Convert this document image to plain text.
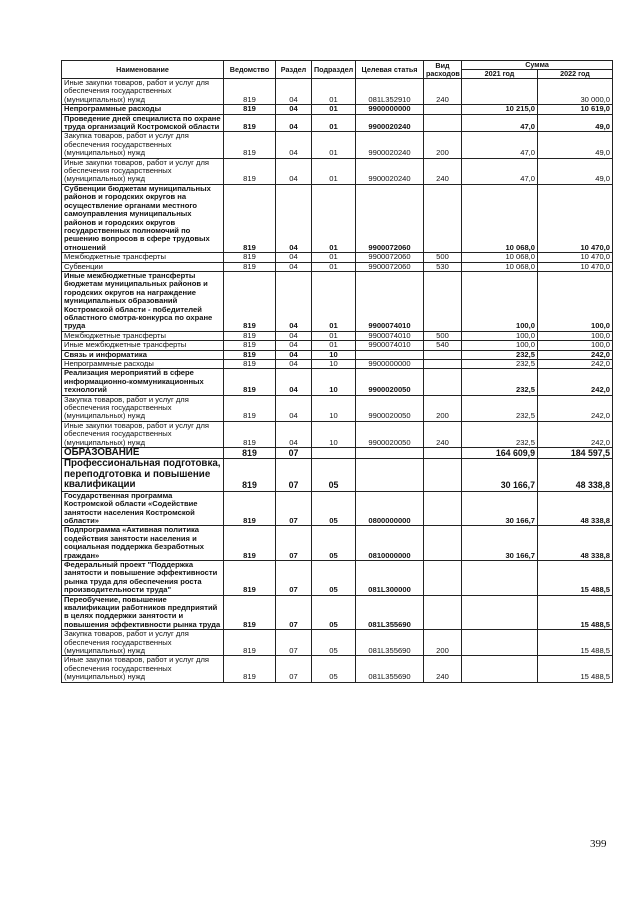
Наименование	Ведомство	Раздел	Подраздел	Целевая статья	Вид расходов	Сумма	
						2021 год	2022 год
Иные закупки товаров, работ и услуг для обеспечения государственных (муниципальных) нужд	819	04	01	081L352910	240		30 000,0
Непрограммные расходы	819	04	01	9900000000		10 215,0	10 619,0
Проведение дней специалиста по охране труда организаций Костромской области	819	04	01	9900020240		47,0	49,0
Закупка товаров, работ и услуг для обеспечения государственных (муниципальных) нужд	819	04	01	9900020240	200	47,0	49,0
Иные закупки товаров, работ и услуг для обеспечения государственных (муниципальных) нужд	819	04	01	9900020240	240	47,0	49,0
Субвенции бюджетам муниципальных районов и городских округов на осуществление органами местного самоуправления муниципальных районов и городских округов государственных полномочий по решению вопросов в сфере трудовых отношений	819	04	01	9900072060		10 068,0	10 470,0
Межбюджетные трансферты	819	04	01	9900072060	500	10 068,0	10 470,0
Субвенции	819	04	01	9900072060	530	10 068,0	10 470,0
Иные межбюджетные трансферты бюджетам муниципальных районов и городских округов на награждение муниципальных образований Костромской области - победителей областного смотра-конкурса по охране труда	819	04	01	9900074010		100,0	100,0
Межбюджетные трансферты	819	04	01	9900074010	500	100,0	100,0
Иные межбюджетные трансферты	819	04	01	9900074010	540	100,0	100,0
Связь и информатика	819	04	10			232,5	242,0
Непрограммные расходы	819	04	10	9900000000		232,5	242,0
Реализация мероприятий в сфере информационно-коммуникационных технологий	819	04	10	9900020050		232,5	242,0
Закупка товаров, работ и услуг для обеспечения государственных (муниципальных) нужд	819	04	10	9900020050	200	232,5	242,0
Иные закупки товаров, работ и услуг для обеспечения государственных (муниципальных) нужд	819	04	10	9900020050	240	232,5	242,0
ОБРАЗОВАНИЕ	819	07				164 609,9	184 597,5
Профессиональная подготовка, переподготовка и повышение квалификации	819	07	05			30 166,7	48 338,8
Государственная программа Костромской области «Содействие занятости населения Костромской области»	819	07	05	0800000000		30 166,7	48 338,8
Подпрограмма «Активная политика содействия занятости населения и социальная поддержка безработных граждан»	819	07	05	0810000000		30 166,7	48 338,8
Федеральный проект "Поддержка занятости и повышение эффективности рынка труда для обеспечения роста производительности труда"	819	07	05	081L300000			15 488,5
Переобучение, повышение квалификации работников предприятий в целях поддержки занятости и повышения эффективности рынка труда	819	07	05	081L355690			15 488,5
Закупка товаров, работ и услуг для обеспечения государственных (муниципальных) нужд	819	07	05	081L355690	200		15 488,5
Иные закупки товаров, работ и услуг для обеспечения государственных (муниципальных) нужд	819	07	05	081L355690	240		15 488,5
399
